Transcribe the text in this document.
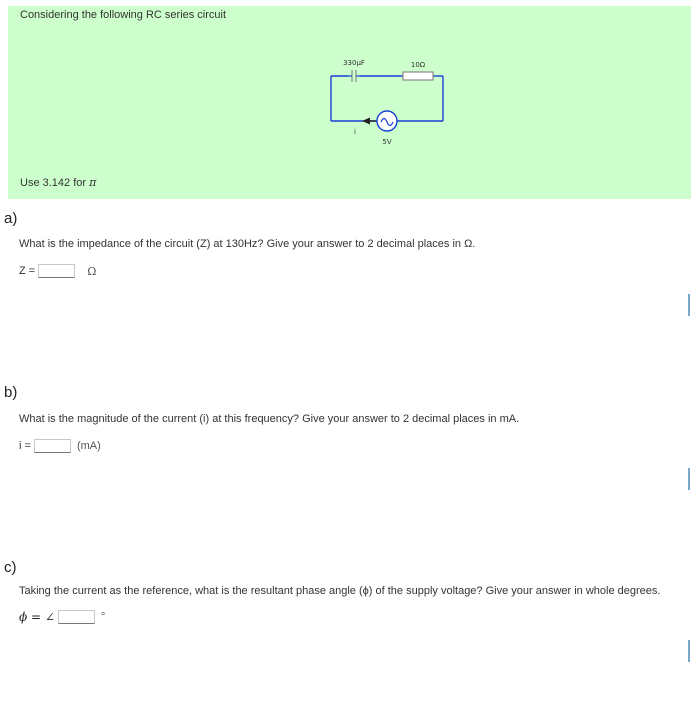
Considering the following RC series circuit
330μF	10Ω
5V
i
Use 3.142 for π
a)
What is the impedance of the circuit (Z) at 130Hz? Give your answer to 2 decimal places in Ω.
Z =	Ω
b)
What is the magnitude of the current (i) at this frequency? Give your answer to 2 decimal places in mA.
i =	(mA)
c)
Taking the current as the reference, what is the resultant phase angle (ϕ) of the supply voltage? Give your answer in whole degrees.
ϕ = ∠	°
